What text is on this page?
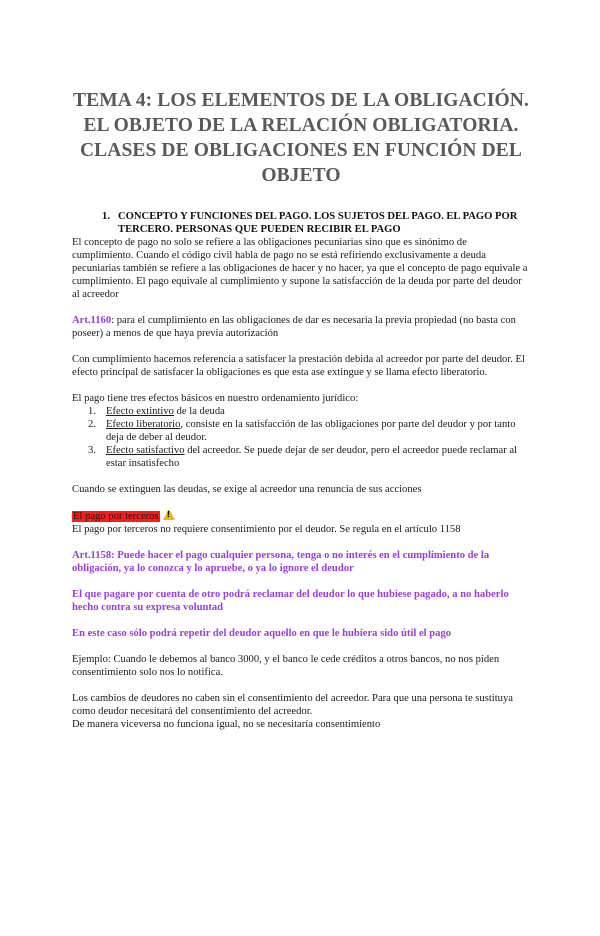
TEMA 4: LOS ELEMENTOS DE LA OBLIGACIÓN. EL OBJETO DE LA RELACIÓN OBLIGATORIA. CLASES DE OBLIGACIONES EN FUNCIÓN DEL OBJETO
1. CONCEPTO Y FUNCIONES DEL PAGO. LOS SUJETOS DEL PAGO. EL PAGO POR TERCERO. PERSONAS QUE PUEDEN RECIBIR EL PAGO

El concepto de pago no solo se refiere a las obligaciones pecuniarias sino que es sinónimo de cumplimiento. Cuando el código civil habla de pago no se está refiriendo exclusivamente a deuda pecuniarias también se refiere a las obligaciones de hacer y no hacer, ya que el concepto de pago equivale a cumplimiento. El pago equivale al cumplimiento y supone la satisfacción de la deuda por parte del deudor al acreedor

Art.1160: para el cumplimiento en las obligaciones de dar es necesaria la previa propiedad (no basta con poseer) a menos de que haya previa autorización

Con cumplimiento hacemos referencia a satisfacer la prestación debida al acreedor por parte del deudor. El efecto principal de satisfacer la obligaciones es que esta ase extingue y se llama efecto liberatorio.

El pago tiene tres efectos básicos en nuestro ordenamiento jurídico:

1. Efecto extintivo de la deuda
2. Efecto liberatorio, consiste en la satisfacción de las obligaciones por parte del deudor y por tanto deja de deber al deudor.
3. Efecto satisfactivo del acreedor. Se puede dejar de ser deudor, pero el acreedor puede reclamar al estar insatisfecho

Cuando se extinguen las deudas, se exige al acreedor una renuncia de sus acciones

El pago por terceros!

El pago por terceros no requiere consentimiento por el deudor. Se regula en el artículo 1158

Art.1158: Puede hacer el pago cualquier persona, tenga o no interés en el cumplimiento de la obligación, ya lo conozca y lo apruebe, o ya lo ignore el deudor

El que pagare por cuenta de otro podrá reclamar del deudor lo que hubiese pagado, a no haberlo hecho contra su expresa voluntad

En este caso sólo podrá repetir del deudor aquello en que le hubiera sido útil el pago

Ejemplo: Cuando le debemos al banco 3000, y el banco le cede créditos a otros bancos, no nos piden consentimiento solo nos lo notifica.

Los cambios de deudores no caben sin el consentimiento del acreedor. Para que una persona te sustituya como deudor necesitará del consentimiento del acreedor.

De manera viceversa no funciona igual, no se necesitaría consentimiento
